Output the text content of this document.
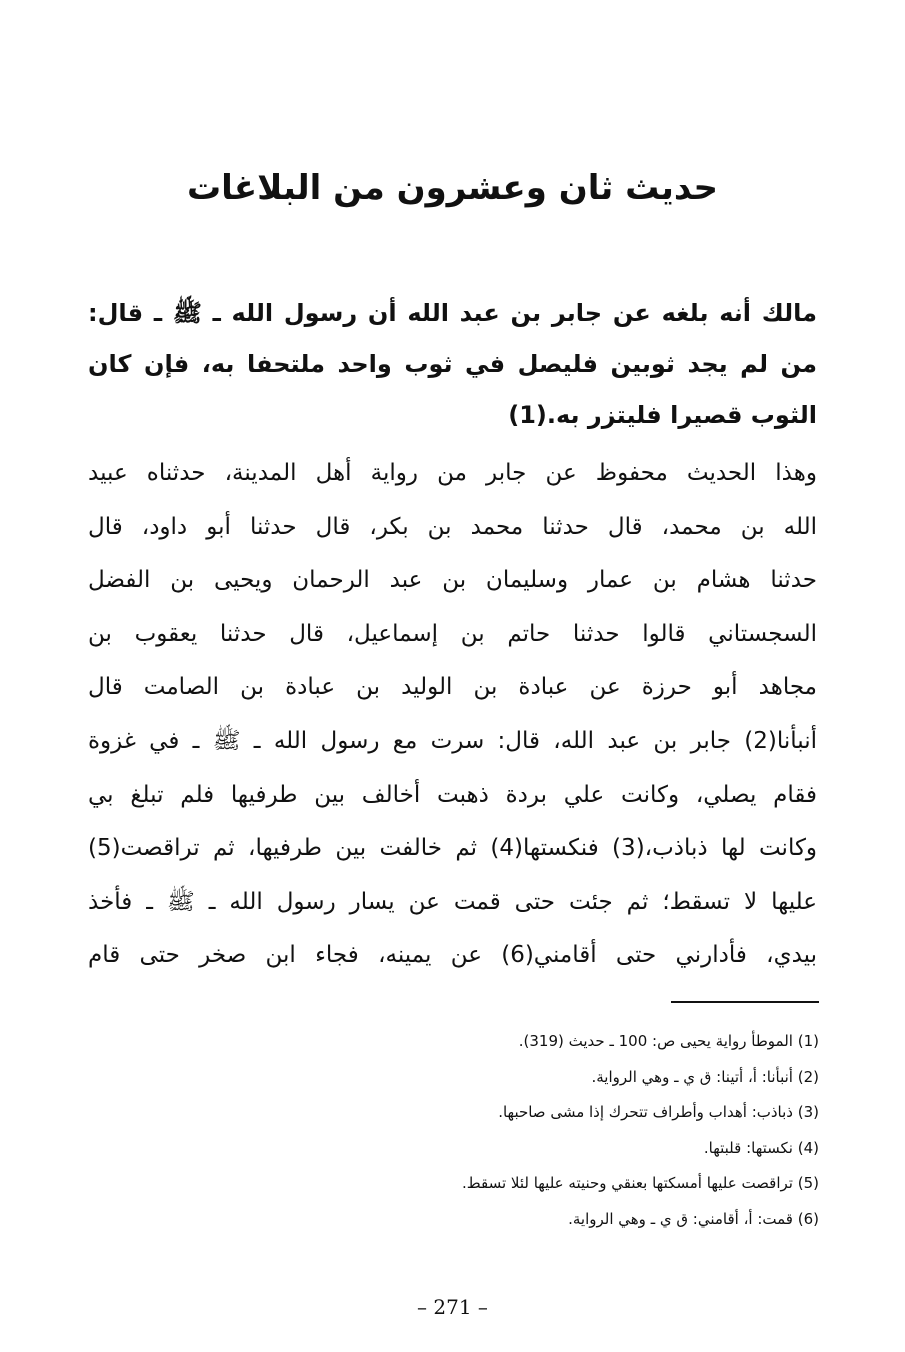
حديث ثان وعشرون من البلاغات
مالك أنه بلغه عن جابر بن عبد الله أن رسول الله ـ ﷺ ـ قال:
من لم يجد ثوبين فليصل في ثوب واحد ملتحفا به، فإن كان
الثوب قصيرا فليتزر به.(1)
وهذا الحديث محفوظ عن جابر من رواية أهل المدينة، حدثناه عبيد
الله بن محمد، قال حدثنا محمد بن بكر، قال حدثنا أبو داود، قال
حدثنا هشام بن عمار وسليمان بن عبد الرحمان ويحيى بن الفضل
السجستاني قالوا حدثنا حاتم بن إسماعيل، قال حدثنا يعقوب بن
مجاهد أبو حرزة عن عبادة بن الوليد بن عبادة بن الصامت قال
أنبأنا(2) جابر بن عبد الله، قال: سرت مع رسول الله ـ ﷺ ـ في غزوة
فقام يصلي، وكانت علي بردة ذهبت أخالف بين طرفيها فلم تبلغ بي
وكانت لها ذباذب،(3) فنكستها(4) ثم خالفت بين طرفيها، ثم تراقصت(5)
عليها لا تسقط؛ ثم جئت حتى قمت عن يسار رسول الله ـ ﷺ ـ فأخذ
بيدي، فأدارني حتى أقامني(6) عن يمينه، فجاء ابن صخر حتى قام
(1) الموطأ رواية يحيى ص: 100 ـ حديث (319).
(2) أنبأنا: أ، أتينا: ق ي ـ وهي الرواية.
(3) ذباذب: أهداب وأطراف تتحرك إذا مشى صاحبها.
(4) نكستها: قلبتها.
(5) تراقصت عليها أمسكتها بعنقي وحنيته عليها لئلا تسقط.
(6) قمت: أ، أقامني: ق ي ـ وهي الرواية.
– 271 –
